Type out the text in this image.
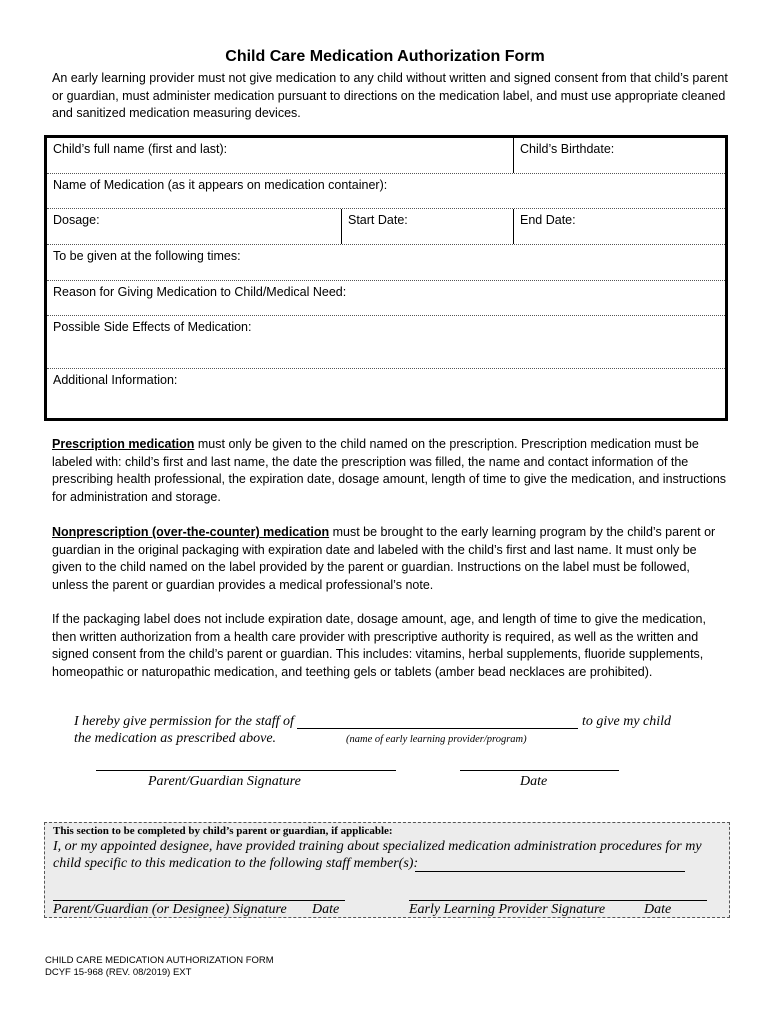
Child Care Medication Authorization Form
An early learning provider must not give medication to any child without written and signed consent from that child’s parent or guardian, must administer medication pursuant to directions on the medication label, and must use appropriate cleaned and sanitized medication measuring devices.
Child’s full name (first and last):	Child’s Birthdate:
Name of Medication (as it appears on medication container):
Dosage:	Start Date:	End Date:
To be given at the following times:
Reason for Giving Medication to Child/Medical Need:
Possible Side Effects of Medication:
Additional Information:
Prescription medication must only be given to the child named on the prescription. Prescription medication must be labeled with: child’s first and last name, the date the prescription was filled, the name and contact information of the prescribing health professional, the expiration date, dosage amount, length of time to give the medication, and instructions for administration and storage.
Nonprescription (over-the-counter) medication must be brought to the early learning program by the child’s parent or guardian in the original packaging with expiration date and labeled with the child’s first and last name. It must only be given to the child named on the label provided by the parent or guardian. Instructions on the label must be followed, unless the parent or guardian provides a medical professional’s note.
If the packaging label does not include expiration date, dosage amount, age, and length of time to give the medication, then written authorization from a health care provider with prescriptive authority is required, as well as the written and signed consent from the child’s parent or guardian. This includes: vitamins, herbal supplements, fluoride supplements, homeopathic or naturopathic medication, and teething gels or tablets (amber bead necklaces are prohibited).
I hereby give permission for the staff of	to give my child
the medication as prescribed above.	(name of early learning provider/program)
Parent/Guardian Signature	Date
This section to be completed by child’s parent or guardian, if applicable:
I, or my appointed designee, have provided training about specialized medication administration procedures for my child specific to this medication to the following staff member(s):
Parent/Guardian (or Designee) Signature Date	Early Learning Provider Signature	Date
CHILD CARE MEDICATION AUTHORIZATION FORM
DCYF 15-968 (REV. 08/2019) EXT
